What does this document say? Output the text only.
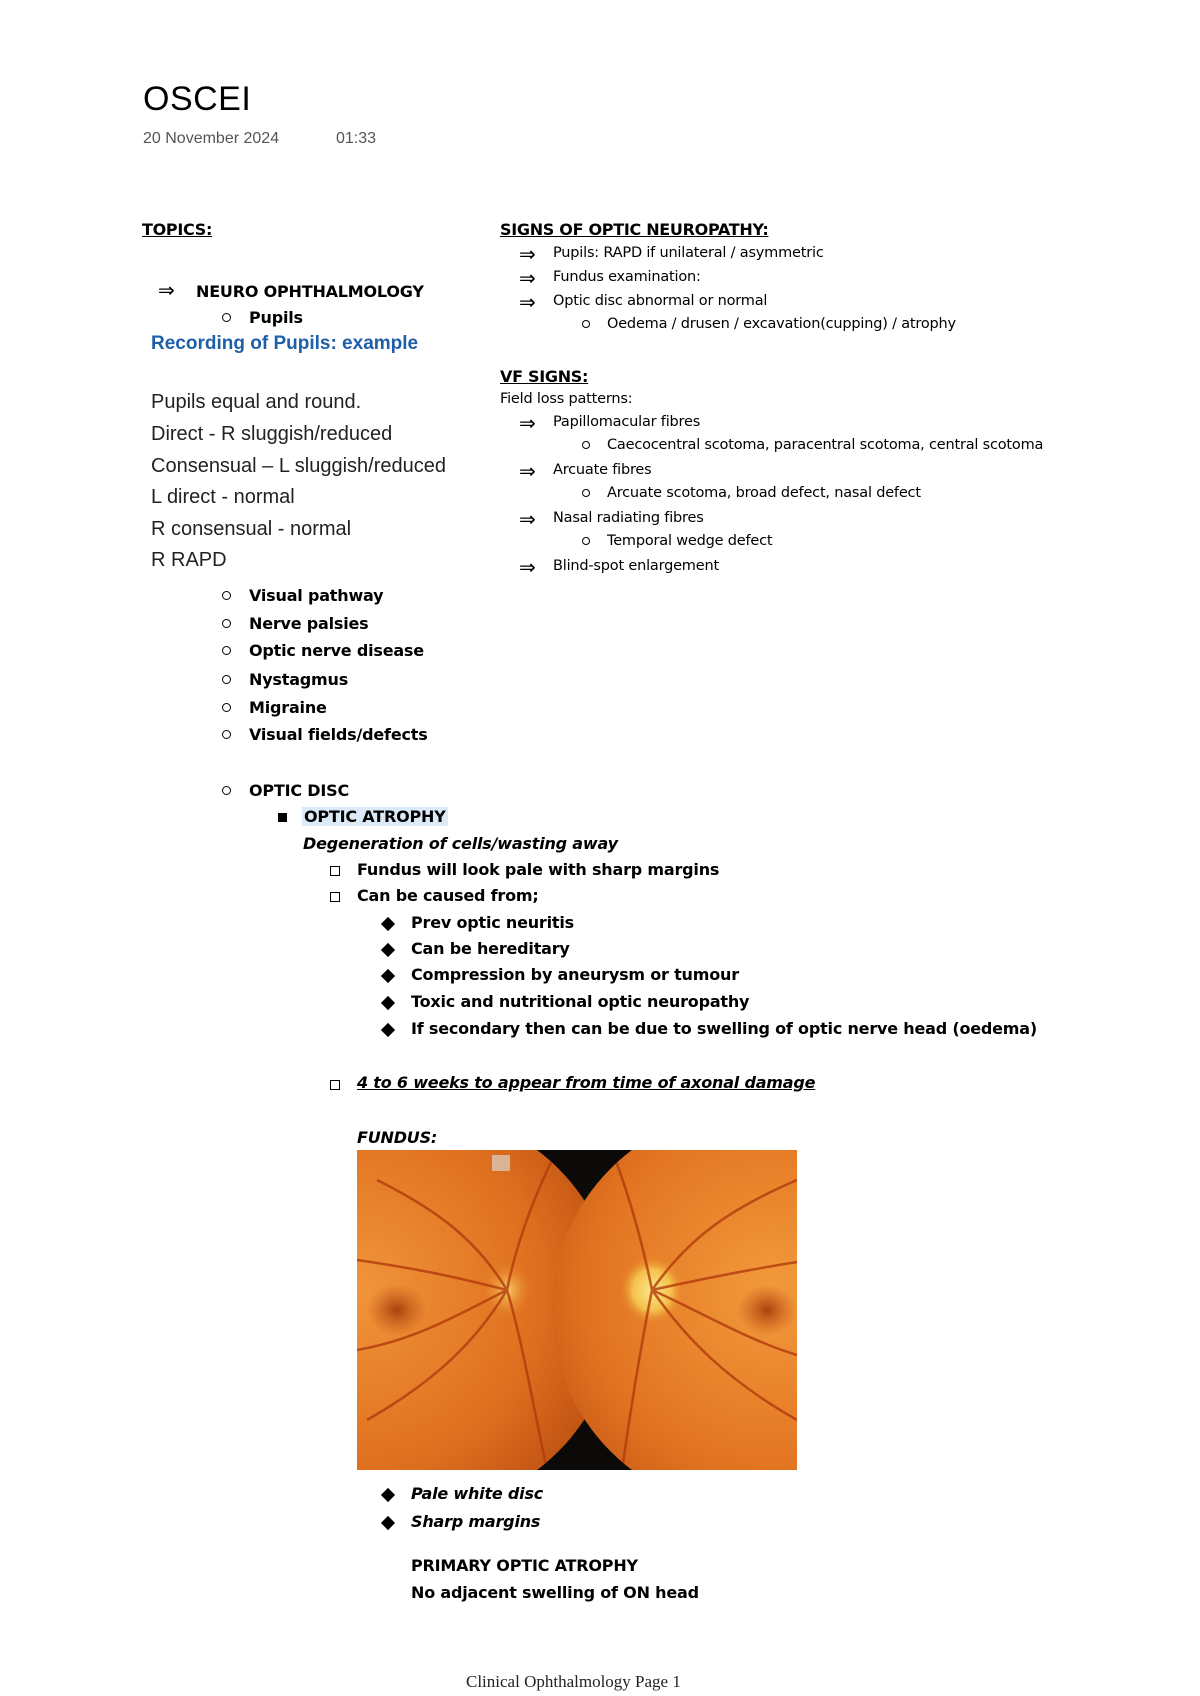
OSCEI
20 November 2024	01:33
TOPICS:
⇒ NEURO OPHTHALMOLOGY
Pupils
Recording of Pupils: example
Pupils equal and round.
Direct - R sluggish/reduced
Consensual – L sluggish/reduced
L direct - normal
R consensual - normal
R RAPD
Visual pathway
Nerve palsies
Optic nerve disease
Nystagmus
Migraine
Visual fields/defects
OPTIC DISC
OPTIC ATROPHY
Degeneration of cells/wasting away
Fundus will look pale with sharp margins
Can be caused from;
Prev optic neuritis
Can be hereditary
Compression by aneurysm or tumour
Toxic and nutritional optic neuropathy
If secondary then can be due to swelling of optic nerve head (oedema)
4 to 6 weeks to appear from time of axonal damage
FUNDUS:
Pale white disc
Sharp margins
PRIMARY OPTIC ATROPHY
No adjacent swelling of ON head
SIGNS OF OPTIC NEUROPATHY:
⇒ Pupils: RAPD if unilateral / asymmetric
⇒ Fundus examination:
⇒ Optic disc abnormal or normal
Oedema / drusen / excavation(cupping) / atrophy
VF SIGNS:
Field loss patterns:
⇒ Papillomacular fibres
Caecocentral scotoma, paracentral scotoma, central scotoma
⇒ Arcuate fibres
Arcuate scotoma, broad defect, nasal defect
⇒ Nasal radiating fibres
Temporal wedge defect
⇒ Blind-spot enlargement
Clinical Ophthalmology Page 1
